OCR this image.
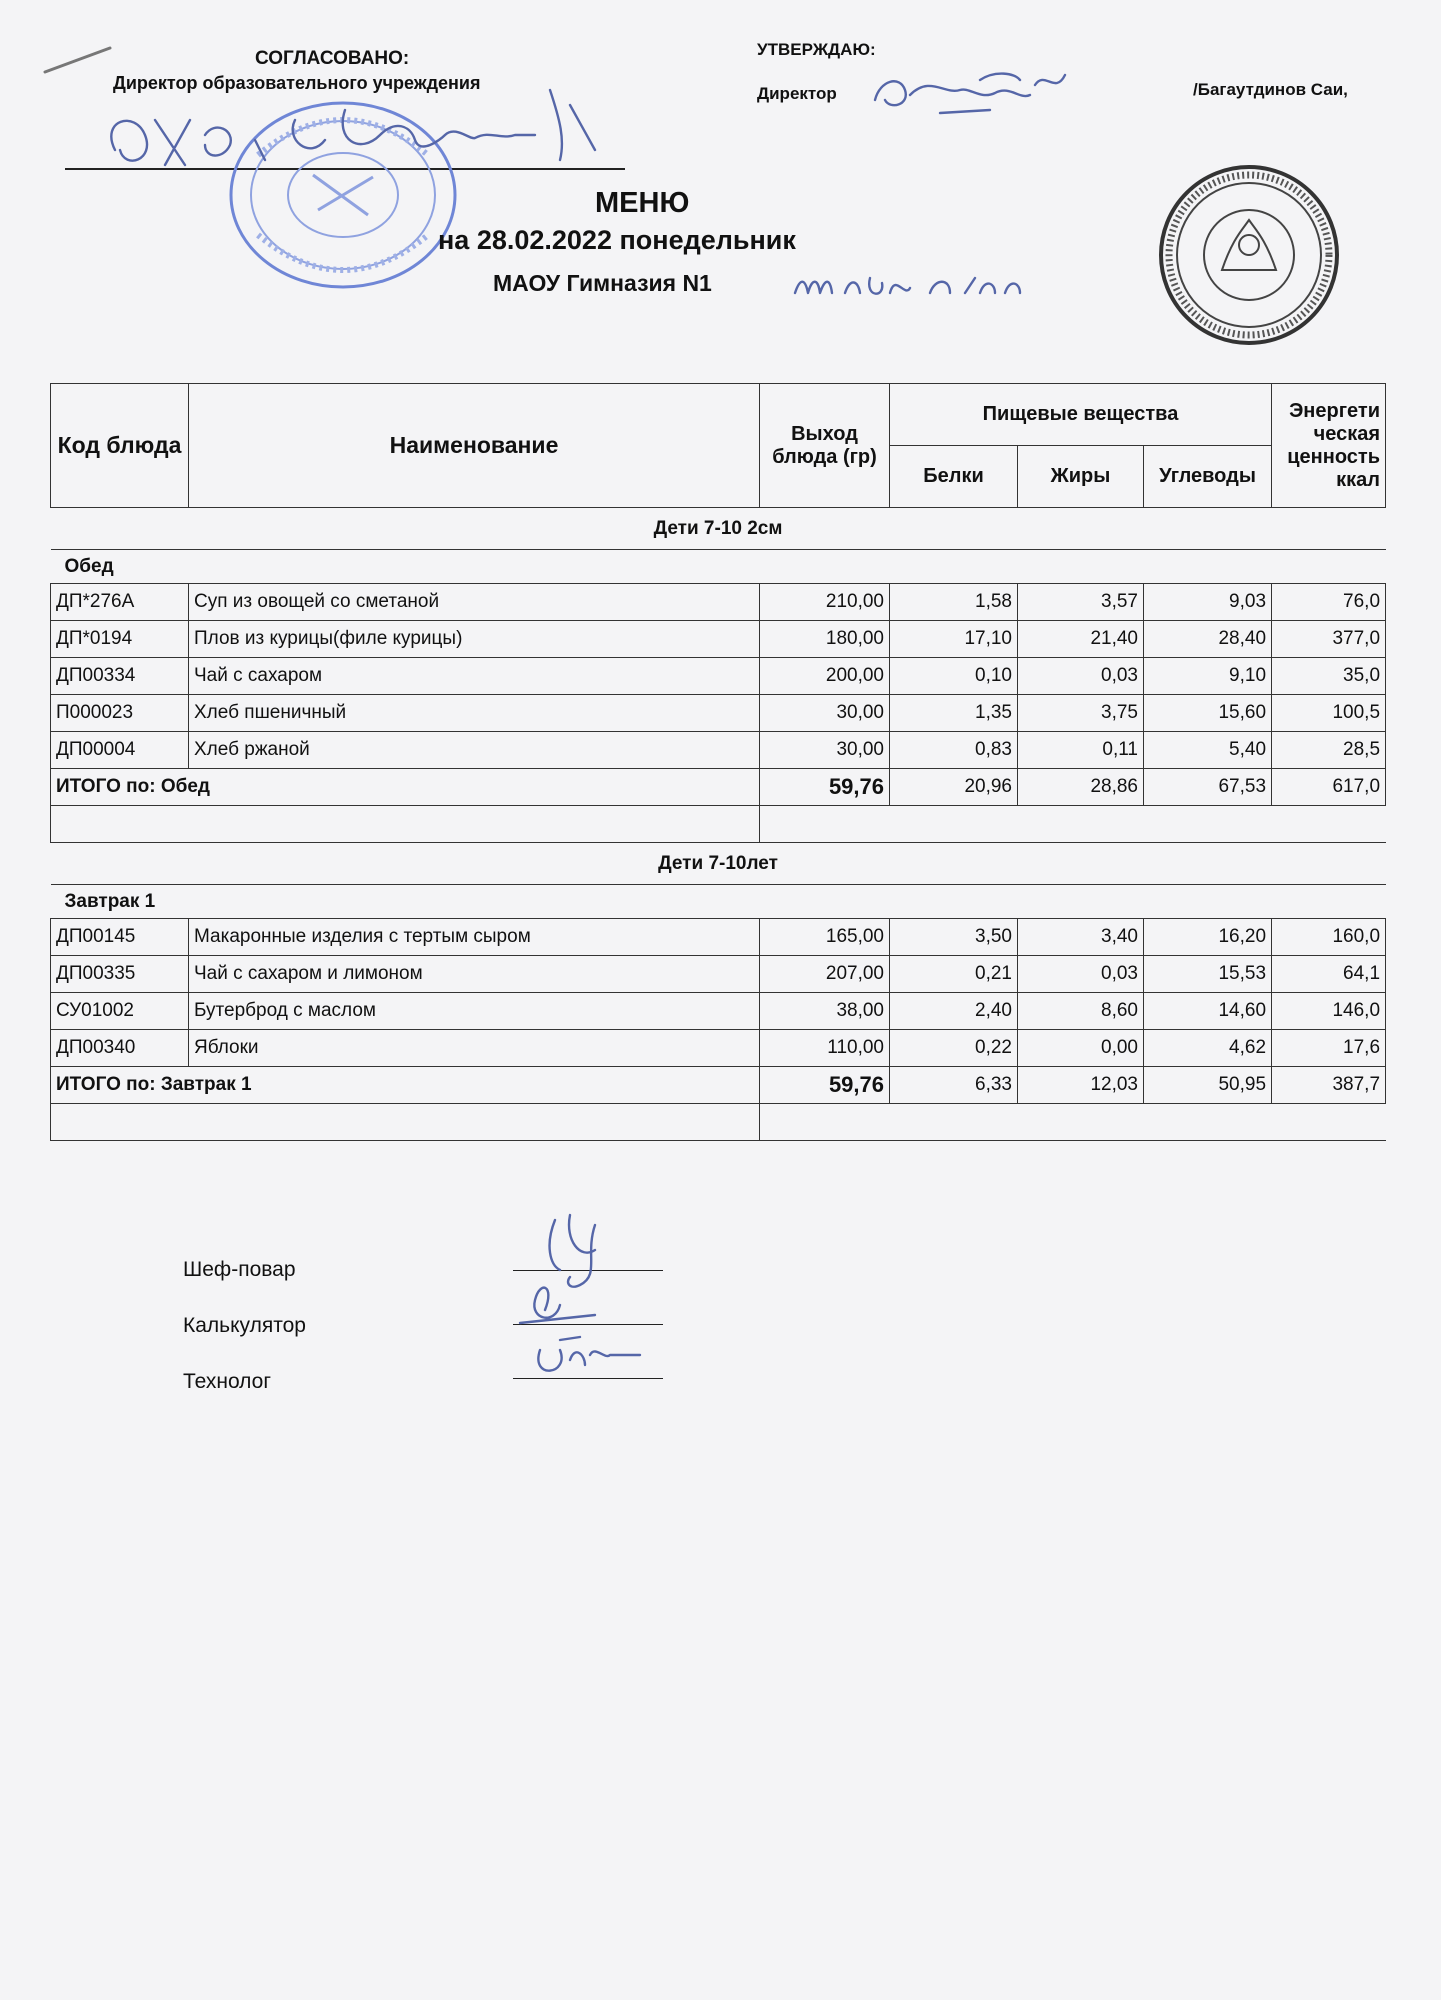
СОГЛАСОВАНО:
Директор образовательного учреждения
УТВЕРЖДАЮ:
Директор	/Багаутдинов Саи,
МЕНЮ
на 28.02.2022 понедельник
МАОУ Гимназия N1
Код блюда	Наименование	Выход блюда (гр)	Пищевые вещества			Энергети ческая ценность ккал
			Белки	Жиры	Углеводы	
Дети 7-10 2см						
Обед						
ДП*276А	Суп из овощей со сметаной	210,00	1,58	3,57	9,03	76,0
ДП*0194	Плов из курицы(филе курицы)	180,00	17,10	21,40	28,40	377,0
ДП00334	Чай с сахаром	200,00	0,10	0,03	9,10	35,0
П000023	Хлеб пшеничный	30,00	1,35	3,75	15,60	100,5
ДП00004	Хлеб ржаной	30,00	0,83	0,11	5,40	28,5
ИТОГО по: Обед		59,76	20,96	28,86	67,53	617,0

Дети 7-10лет						
Завтрак 1						
ДП00145	Макаронные изделия с тертым сыром	165,00	3,50	3,40	16,20	160,0
ДП00335	Чай с сахаром и лимоном	207,00	0,21	0,03	15,53	64,1
СУ01002	Бутерброд с маслом	38,00	2,40	8,60	14,60	146,0
ДП00340	Яблоки	110,00	0,22	0,00	4,62	17,6
ИТОГО по: Завтрак 1		59,76	6,33	12,03	50,95	387,7

Шеф-повар
Калькулятор
Технолог
